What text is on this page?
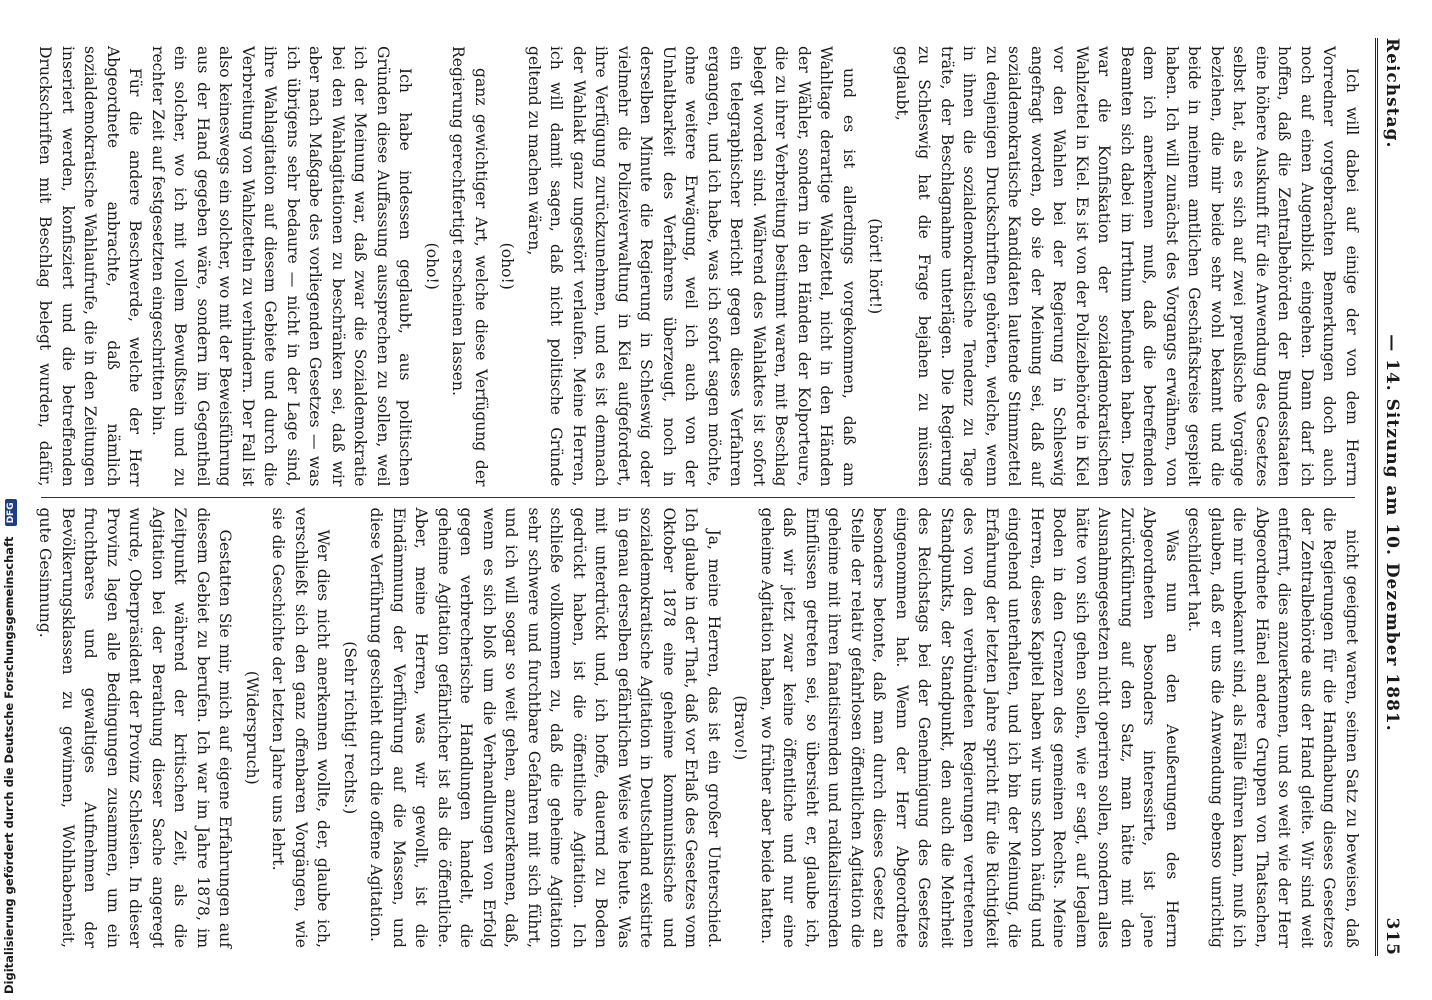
Reichstag.
— 14. Sitzung am 10. Dezember 1881.
315

Ich will dabei auf einige der von dem Herrn Vorredner vorgebrachten Bemerkungen doch auch noch auf einen Augenblick eingehen. Dann darf ich hoffen, daß die Zentralbehörden der Bundesstaaten eine höhere Auskunft für die Anwendung des Gesetzes selbst hat, als es sich auf zwei preußische Vorgänge beziehen, die mir beide sehr wohl bekannt und die beide in meinem amtlichen Geschäftskreise gespielt haben. Ich will zunächst des Vorgangs erwähnen, von dem ich anerkennen muß, daß die betreffenden Beamten sich dabei im Irrthum befunden haben. Dies war die Konfiskation der sozialdemokratischen Wahlzettel in Kiel. Es ist von der Polizeibehörde in Kiel vor den Wahlen bei der Regierung in Schleswig angefragt worden, ob sie der Meinung sei, daß auf sozialdemokratische Kandidaten lautende Stimmzettel zu denjenigen Druckschriften gehörten, welche, wenn in ihnen die sozialdemokratische Tendenz zu Tage träte, der Beschlagnahme unterlägen. Die Regierung zu Schleswig hat die Frage bejahen zu müssen geglaubt,

(hört! hört!)

und es ist allerdings vorgekommen, daß am Wahltage derartige Wahlzettel, nicht in den Händen der Wähler, sondern in den Händen der Kolporteure, die zu ihrer Verbreitung bestimmt waren, mit Beschlag belegt worden sind. Während des Wahlaktes ist sofort ein telegraphischer Bericht gegen dieses Verfahren ergangen, und ich habe, was ich sofort sagen möchte, ohne weitere Erwägung, weil ich auch von der Unhaltbarkeit des Verfahrens überzeugt, noch in derselben Minute die Regierung in Schleswig oder vielmehr die Polizeiverwaltung in Kiel aufgefordert, ihre Verfügung zurückzunehmen, und es ist demnach der Wahlakt ganz ungestört verlaufen. Meine Herren, ich will damit sagen, daß nicht politische Gründe geltend zu machen wären,

(oho!)

ganz gewichtiger Art, welche diese Verfügung der Regierung gerechtfertigt erscheinen lassen.

(oho!)

Ich habe indessen geglaubt, aus politischen Gründen diese Auffassung aussprechen zu sollen, weil ich der Meinung war, daß zwar die Sozialdemokratie bei den Wahlagitationen zu beschränken sei, daß wir aber nach Maßgabe des vorliegenden Gesetzes — was ich übrigens sehr bedaure — nicht in der Lage sind, ihre Wahlagitation auf diesem Gebiete und durch die Verbreitung von Wahlzetteln zu verhindern. Der Fall ist also keineswegs ein solcher, wo mit der Beweisführung aus der Hand gegeben wäre, sondern im Gegentheil ein solcher, wo ich mit vollem Bewußtsein und zu rechter Zeit auf festgesetzten eingeschritten bin.

Für die andere Beschwerde, welche der Herr Abgeordnete anbrachte, daß nämlich sozialdemokratische Wahlaufrufe, die in den Zeitungen inseriert werden, konfisziert und die betreffenden Druckschriften mit Beschlag belegt wurden, dafür,

nicht geeignet waren, seinen Satz zu beweisen, daß die Regierungen für die Handhabung dieses Gesetzes der Zentralbehörde aus der Hand gleite. Wir sind weit entfernt, dies anzuerkennen, und so weit wie der Herr Abgeordnete Hänel andere Gruppen von Thatsachen, die mir unbekannt sind, als Fälle führen kann, muß ich glauben, daß er uns die Anwendung ebenso unrichtig geschildert hat.

Was nun an den Aeußerungen des Herrn Abgeordneten besonders interessirte, ist jene Zurückführung auf den Satz, man hätte mit den Ausnahmegesetzen nicht operiren sollen, sondern alles hätte von sich gehen sollen, wie er sagt, auf legalem Boden in den Grenzen des gemeinen Rechts. Meine Herren, dieses Kapitel haben wir uns schon häufig und eingehend unterhalten, und ich bin der Meinung, die Erfahrung der letzten Jahre spricht für die Richtigkeit des von den verbündeten Regierungen vertretenen Standpunkts, der Standpunkt, den auch die Mehrheit des Reichstags bei der Genehmigung des Gesetzes eingenommen hat. Wenn der Herr Abgeordnete besonders betonte, daß man durch dieses Gesetz an Stelle der relativ gefahrlosen öffentlichen Agitation die geheime mit ihren fanatisirenden und radikalisirenden Einflüssen getreten sei, so übersieht er, glaube ich, daß wir jetzt zwar keine öffentliche und nur eine geheime Agitation haben, wo früher aber beide hatten.

(Bravo!)

Ja, meine Herren, das ist ein großer Unterschied. Ich glaube in der That, daß vor Erlaß des Gesetzes vom Oktober 1878 eine geheime kommunistische und sozialdemokratische Agitation in Deutschland existirte in genau derselben gefährlichen Weise wie heute. Was mit unterdrückt und, ich hoffe, dauernd zu Boden gedrückt haben, ist die öffentliche Agitation. Ich schließe vollkommen zu, daß die geheime Agitation sehr schwere und furchtbare Gefahren mit sich führt, und ich will sogar so weit gehen, anzuerkennen, daß, wenn es sich bloß um die Verhandlungen von Erfolg gegen verbrecherische Handlungen handelt, die geheime Agitation gefährlicher ist als die öffentliche. Aber, meine Herren, was wir gewollt, ist die Eindämmung der Verführung auf die Massen, und diese Verführung geschieht durch die offene Agitation.

(Sehr richtig! rechts.)

Wer dies nicht anerkennen wollte, der, glaube ich, verschließt sich den ganz offenbaren Vorgängen, wie sie die Geschichte der letzten Jahre uns lehrt.

(Widerspruch)

Gestatten Sie mir, mich auf eigene Erfahrungen auf diesem Gebiet zu berufen. Ich war im Jahre 1878, im Zeitpunkt während der kritischen Zeit, als die Agitation bei der Berathung dieser Sache angeregt wurde, Oberpräsident der Provinz Schlesien. In dieser Provinz lagen alle Bedingungen zusammen, um ein fruchtbares und gewaltiges Aufnehmen der Bevölkerungsklassen zu gewinnen, Wohlhabenheit, gute Gesinnung.

Digitalisierung gefördert durch die Deutsche Forschungsgemeinschaft DFG
